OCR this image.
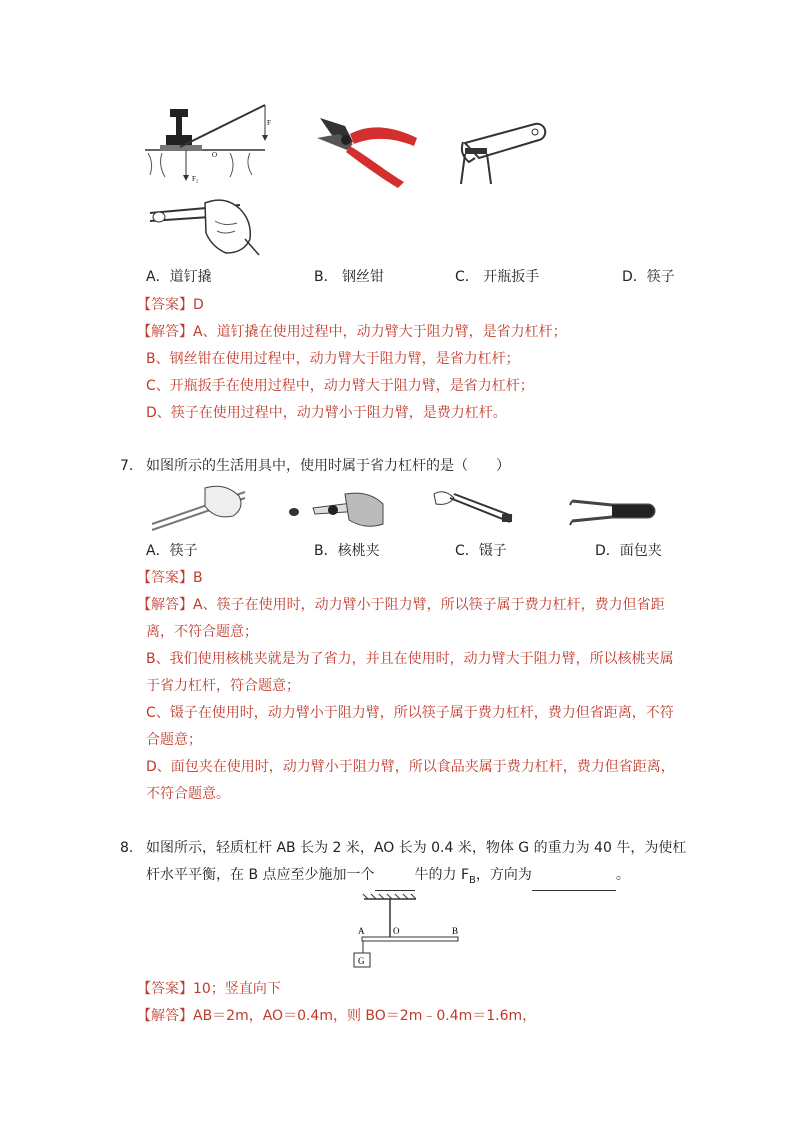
F
O
F₂
A．道钉撬	B． 钢丝钳	C． 开瓶扳手	D．筷子
【答案】D
【解答】A、道钉撬在使用过程中，动力臂大于阻力臂，是省力杠杆；
B、钢丝钳在使用过程中，动力臂大于阻力臂，是省力杠杆；
C、开瓶扳手在使用过程中，动力臂大于阻力臂，是省力杠杆；
D、筷子在使用过程中，动力臂小于阻力臂，是费力杠杆。
7. 如图所示的生活用具中，使用时属于省力杠杆的是（　　）
A．筷子	B．核桃夹	C．镊子	D．面包夹
【答案】B
【解答】A、筷子在使用时，动力臂小于阻力臂，所以筷子属于费力杠杆，费力但省距
离，不符合题意；
B、我们使用核桃夹就是为了省力，并且在使用时，动力臂大于阻力臂，所以核桃夹属
于省力杠杆，符合题意；
C、镊子在使用时，动力臂小于阻力臂，所以筷子属于费力杠杆，费力但省距离，不符
合题意；
D、面包夹在使用时，动力臂小于阻力臂，所以食品夹属于费力杠杆，费力但省距离，
不符合题意。
8. 如图所示，轻质杠杆 AB 长为 2 米，AO 长为 0.4 米，物体 G 的重力为 40 牛，为使杠
杆水平平衡，在 B 点应至少施加一个	牛的力 $F_B$，方向为	。
A	O	B
G
【答案】10；竖直向下
【解答】AB＝2m，AO＝0.4m，则 BO＝2m﹣0.4m＝1.6m，
